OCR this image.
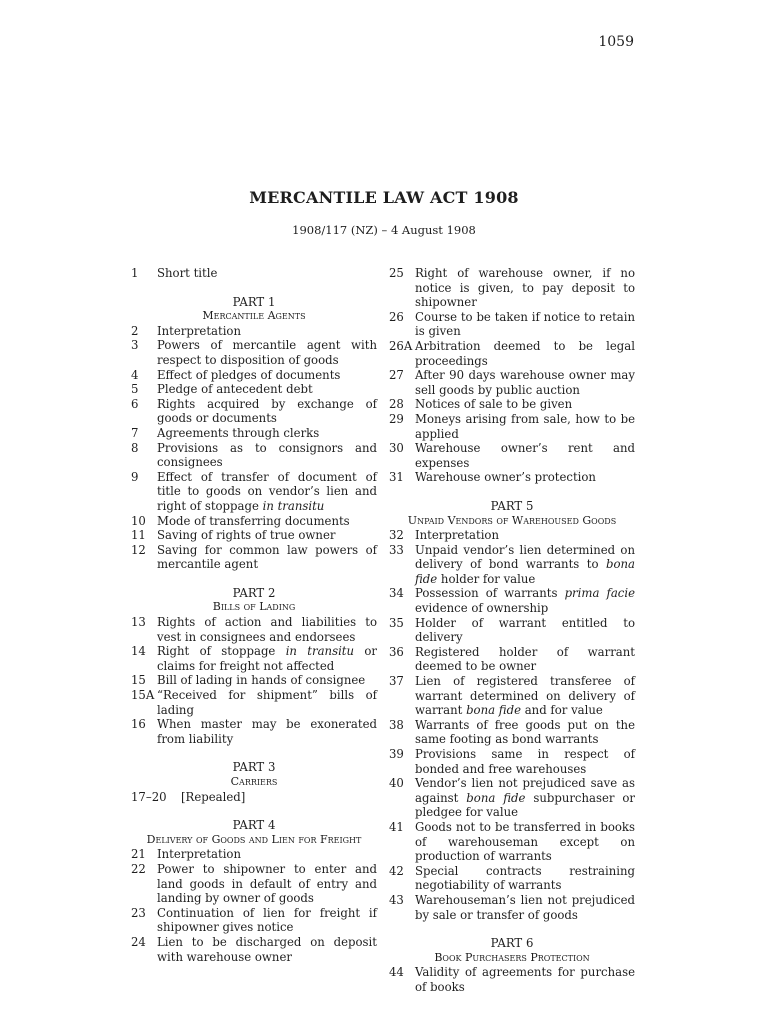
1059
MERCANTILE LAW ACT 1908
1908/117 (NZ) – 4 August 1908
1	Short title
PART 1
Mercantile Agents
2	Interpretation
3	Powers of mercantile agent with respect to disposition of goods
4	Effect of pledges of documents
5	Pledge of antecedent debt
6	Rights acquired by exchange of goods or documents
7	Agreements through clerks
8	Provisions as to consignors and consignees
9	Effect of transfer of document of title to goods on vendor’s lien and right of stoppage in transitu
10 Mode of transferring documents
11 Saving of rights of true owner
12 Saving for common law powers of mercantile agent
PART 2
Bills of Lading
13 Rights of action and liabilities to vest in consignees and endorsees
14 Right of stoppage in transitu or claims for freight not affected
15 Bill of lading in hands of consignee
15A “Received for shipment” bills of lading
16 When master may be exonerated from liability
PART 3
Carriers
17–20	[Repealed]
PART 4
Delivery of Goods and Lien for Freight
21 Interpretation
22 Power to shipowner to enter and land goods in default of entry and landing by owner of goods
23 Continuation of lien for freight if shipowner gives notice
24 Lien to be discharged on deposit with warehouse owner
25 Right of warehouse owner, if no notice is given, to pay deposit to shipowner
26 Course to be taken if notice to retain is given
26A Arbitration deemed to be legal proceedings
27 After 90 days warehouse owner may sell goods by public auction
28 Notices of sale to be given
29 Moneys arising from sale, how to be applied
30 Warehouse owner’s rent and expenses
31 Warehouse owner’s protection
PART 5
Unpaid Vendors of Warehoused Goods
32 Interpretation
33 Unpaid vendor’s lien determined on delivery of bond warrants to bona fide holder for value
34 Possession of warrants prima facie evidence of ownership
35 Holder of warrant entitled to delivery
36 Registered holder of warrant deemed to be owner
37 Lien of registered transferee of warrant determined on delivery of warrant bona fide and for value
38 Warrants of free goods put on the same footing as bond warrants
39 Provisions same in respect of bonded and free warehouses
40 Vendor’s lien not prejudiced save as against bona fide subpurchaser or pledgee for value
41 Goods not to be transferred in books of warehouseman except on production of warrants
42 Special contracts restraining negotiability of warrants
43 Warehouseman’s lien not prejudiced by sale or transfer of goods
PART 6
Book Purchasers Protection
44 Validity of agreements for purchase of books
